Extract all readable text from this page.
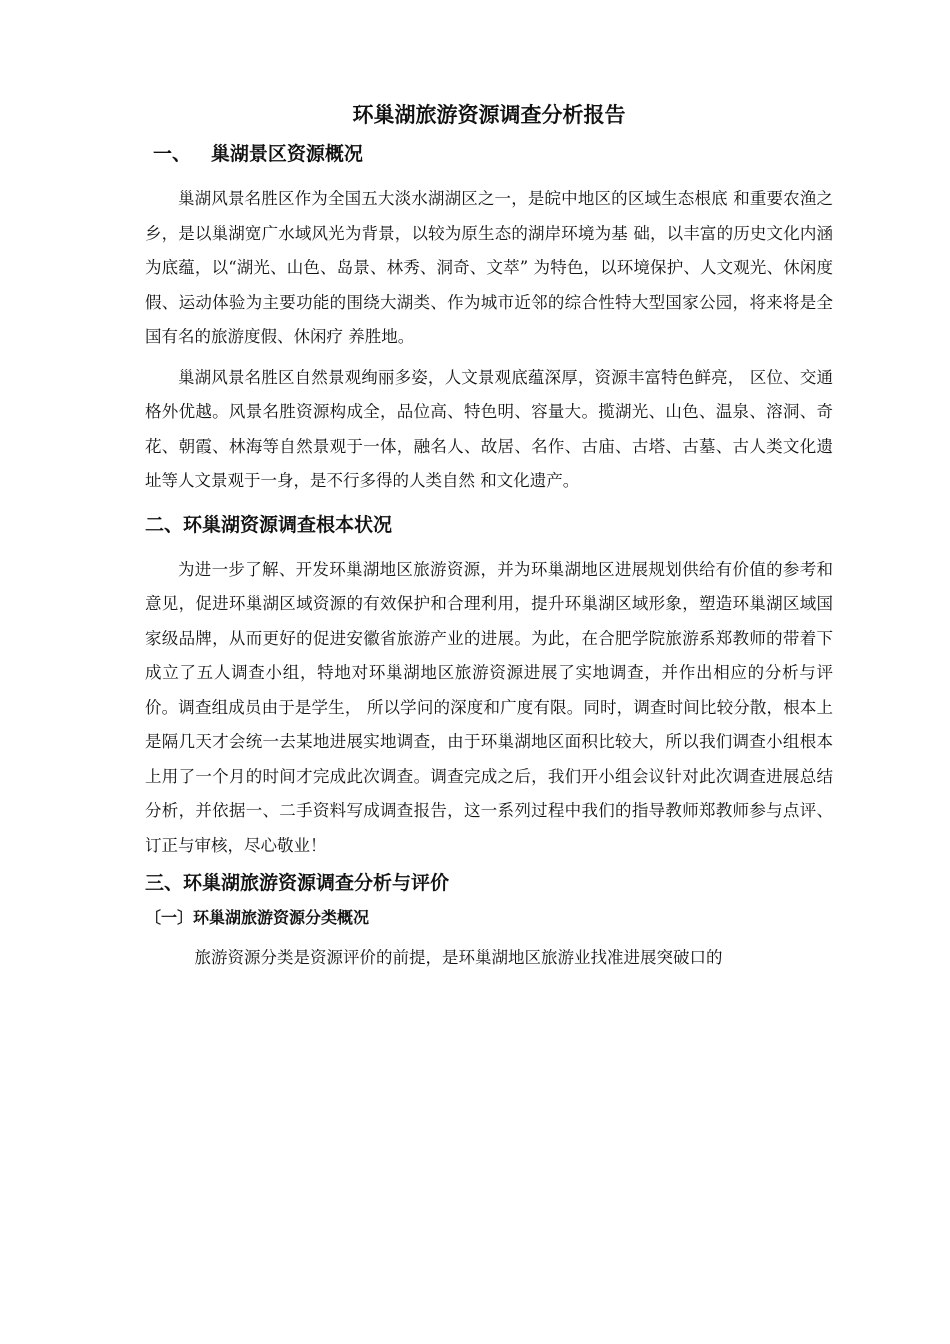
环巢湖旅游资源调查分析报告
一、   巢湖景区资源概况

巢湖风景名胜区作为全国五大淡水湖湖区之一，是皖中地区的区域生态根底 和重要农渔之乡，是以巢湖宽广水域风光为背景，以较为原生态的湖岸环境为基 础，以丰富的历史文化内涵为底蕴，以“湖光、山色、岛景、林秀、洞奇、文萃” 为特色，以环境保护、人文观光、休闲度假、运动体验为主要功能的围绕大湖类、作为城市近邻的综合性特大型国家公园，将来将是全国有名的旅游度假、休闲疗 养胜地。

巢湖风景名胜区自然景观绚丽多姿，人文景观底蕴深厚，资源丰富特色鲜亮， 区位、交通格外优越。风景名胜资源构成全，品位高、特色明、容量大。揽湖光、山色、温泉、溶洞、奇花、朝霞、林海等自然景观于一体，融名人、故居、名作、古庙、古塔、古墓、古人类文化遗址等人文景观于一身，是不行多得的人类自然 和文化遗产。

二、环巢湖资源调查根本状况

为进一步了解、开发环巢湖地区旅游资源，并为环巢湖地区进展规划供给有价值的参考和意见，促进环巢湖区域资源的有效保护和合理利用，提升环巢湖区域形象，塑造环巢湖区域国家级品牌，从而更好的促进安徽省旅游产业的进展。为此，在合肥学院旅游系郑教师的带着下成立了五人调查小组，特地对环巢湖地区旅游资源进展了实地调查，并作出相应的分析与评价。调查组成员由于是学生， 所以学问的深度和广度有限。同时，调查时间比较分散，根本上是隔几天才会统一去某地进展实地调查，由于环巢湖地区面积比较大，所以我们调查小组根本上用了一个月的时间才完成此次调查。调查完成之后，我们开小组会议针对此次调查进展总结分析，并依据一、二手资料写成调查报告，这一系列过程中我们的指导教师郑教师参与点评、订正与审核，尽心敬业！

三、环巢湖旅游资源调查分析与评价
〔一〕环巢湖旅游资源分类概况

旅游资源分类是资源评价的前提，是环巢湖地区旅游业找准进展突破口的
